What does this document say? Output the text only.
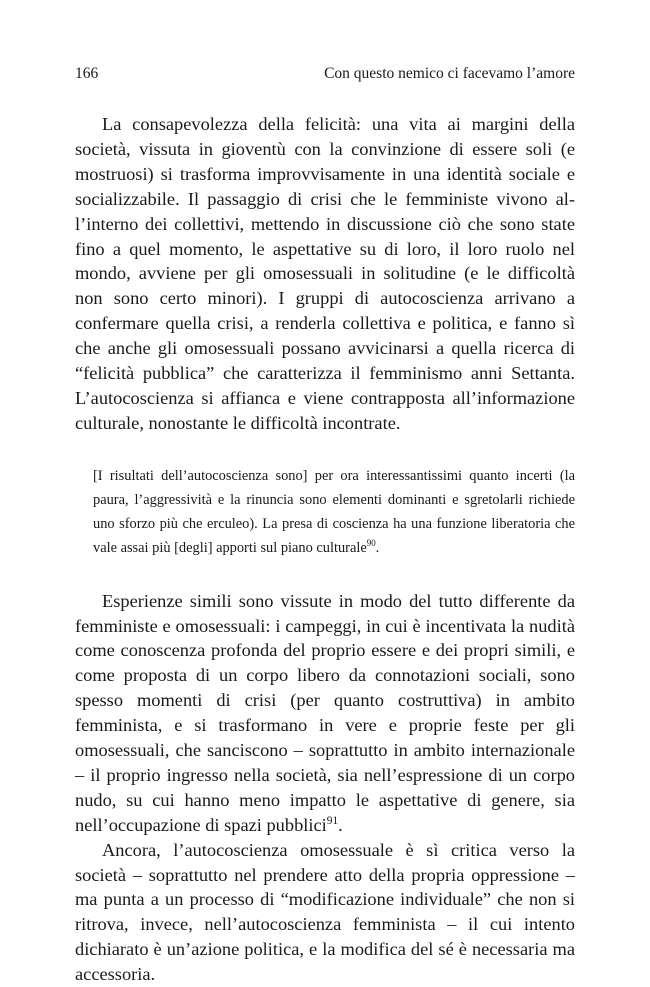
166	Con questo nemico ci facevamo l’amore

La consapevolezza della felicità: una vita ai margini della società, vissuta in gioventù con la convinzione di essere soli (e mostruosi) si trasforma improvvisamente in una identità sociale e socializzabile. Il passaggio di crisi che le femministe vivono all’interno dei collettivi, mettendo in discussione ciò che sono state fino a quel momento, le aspettative su di loro, il loro ruolo nel mondo, avviene per gli omosessuali in solitudine (e le difficoltà non sono certo minori). I gruppi di autocoscienza arrivano a confermare quella crisi, a renderla collettiva e politica, e fanno sì che anche gli omosessuali possano avvicinarsi a quella ricerca di “felicità pubblica” che caratterizza il femminismo anni Settanta. L’autocoscienza si affianca e viene contrapposta all’informazione culturale, nonostante le difficoltà incontrate.

[I risultati dell’autocoscienza sono] per ora interessantissimi quanto incerti (la paura, l’aggressività e la rinuncia sono elementi dominanti e sgretolarli richiede uno sforzo più che erculeo). La presa di coscienza ha una funzione liberatoria che vale assai più [degli] apporti sul piano culturale$^{90}$.

Esperienze simili sono vissute in modo del tutto differente da femministe e omosessuali: i campeggi, in cui è incentivata la nudità come conoscenza profonda del proprio essere e dei propri simili, e come proposta di un corpo libero da connotazioni sociali, sono spesso momenti di crisi (per quanto costruttiva) in ambito femminista, e si trasformano in vere e proprie feste per gli omosessuali, che sanciscono – soprattutto in ambito internazionale – il proprio ingresso nella società, sia nell’espressione di un corpo nudo, su cui hanno meno impatto le aspettative di genere, sia nell’occupazione di spazi pubblici$^{91}$.

Ancora, l’autocoscienza omosessuale è sì critica verso la società – soprattutto nel prendere atto della propria oppressione – ma punta a un processo di “modificazione individuale” che non si ritrova, invece, nell’autocoscienza femminista – il cui intento dichiarato è un’azione politica, e la modifica del sé è necessaria ma accessoria.
